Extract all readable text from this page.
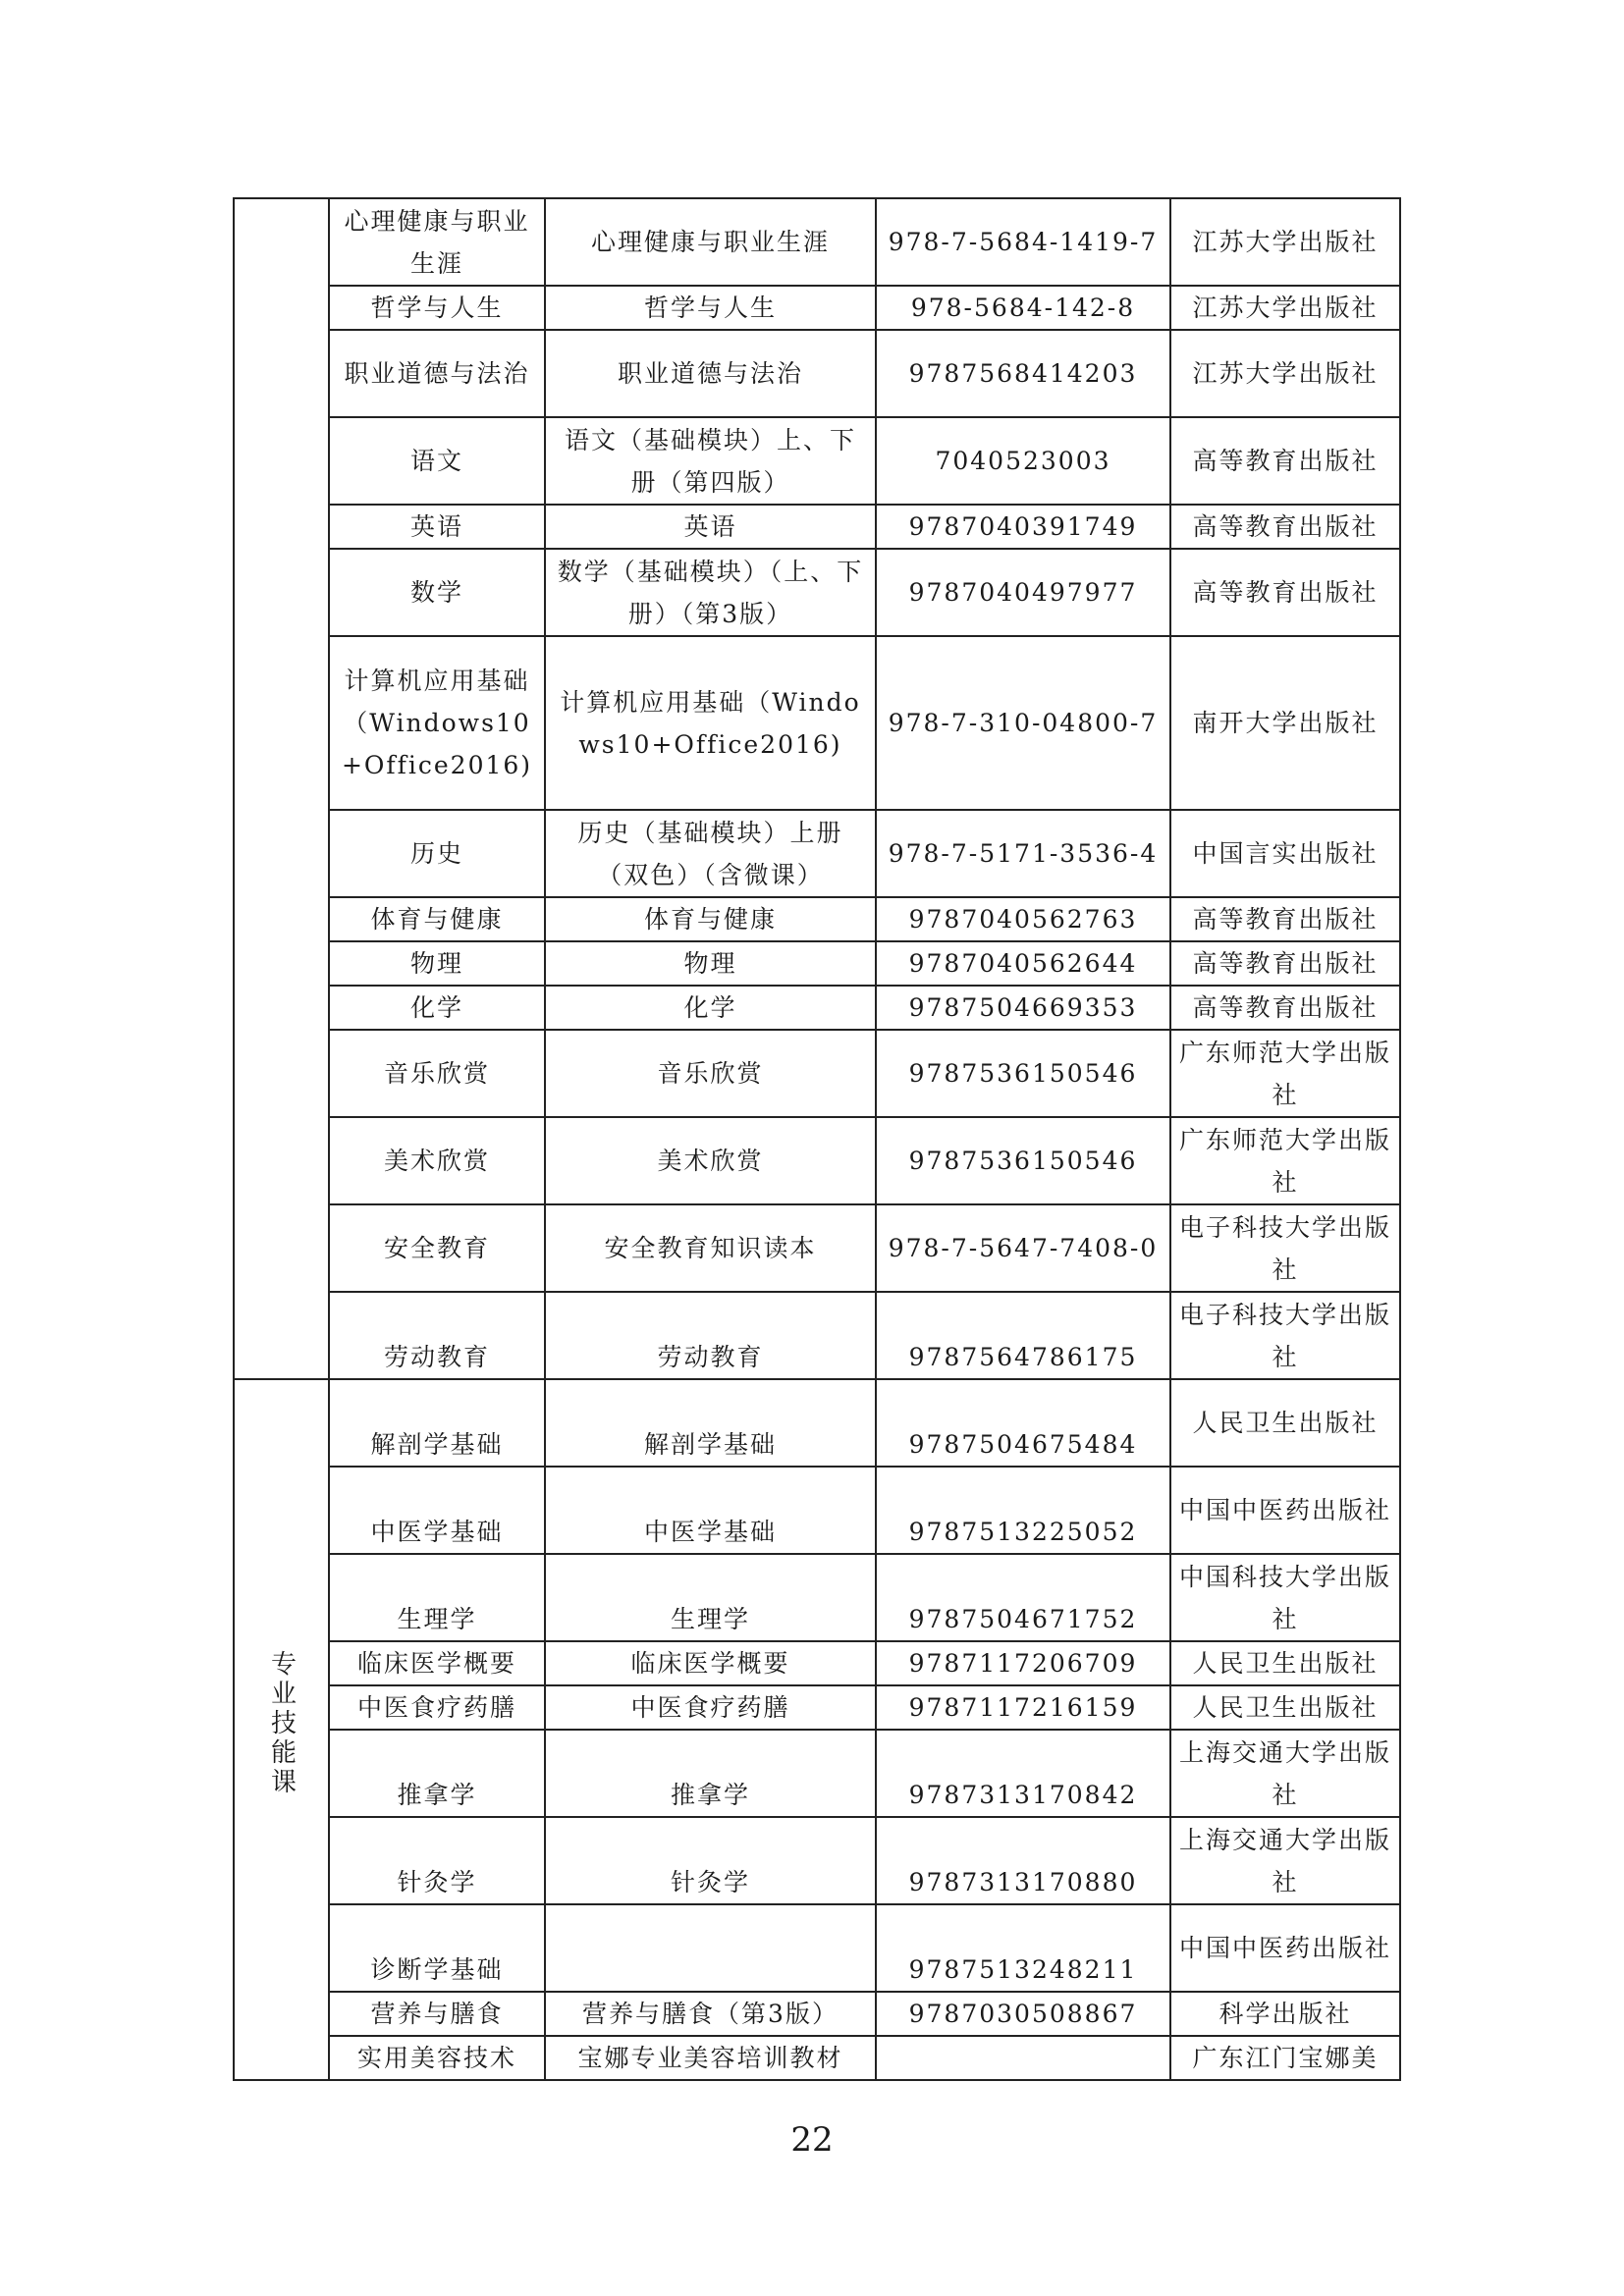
	心理健康与职业生涯	心理健康与职业生涯	978-7-5684-1419-7	江苏大学出版社
	哲学与人生	哲学与人生	978-5684-142-8	江苏大学出版社
	职业道德与法治	职业道德与法治	9787568414203	江苏大学出版社
	语文	语文（基础模块）上、下册（第四版）	7040523003	高等教育出版社
	英语	英语	9787040391749	高等教育出版社
	数学	数学（基础模块）（上、下册）（第3版）	9787040497977	高等教育出版社
	计算机应用基础（Windows10+Office2016)	计算机应用基础（Windows10+Office2016)	978-7-310-04800-7	南开大学出版社
	历史	历史（基础模块）上册（双色）（含微课）	978-7-5171-3536-4	中国言实出版社
	体育与健康	体育与健康	9787040562763	高等教育出版社
	物理	物理	9787040562644	高等教育出版社
	化学	化学	9787504669353	高等教育出版社
	音乐欣赏	音乐欣赏	9787536150546	广东师范大学出版社
	美术欣赏	美术欣赏	9787536150546	广东师范大学出版社
	安全教育	安全教育知识读本	978-7-5647-7408-0	电子科技大学出版社
	劳动教育	劳动教育	9787564786175	电子科技大学出版社
专业技能课	解剖学基础	解剖学基础	9787504675484	人民卫生出版社
	中医学基础	中医学基础	9787513225052	中国中医药出版社
	生理学	生理学	9787504671752	中国科技大学出版社
	临床医学概要	临床医学概要	9787117206709	人民卫生出版社
	中医食疗药膳	中医食疗药膳	9787117216159	人民卫生出版社
	推拿学	推拿学	9787313170842	上海交通大学出版社
	针灸学	针灸学	9787313170880	上海交通大学出版社
	诊断学基础		9787513248211	中国中医药出版社
	营养与膳食	营养与膳食（第3版）	9787030508867	科学出版社
	实用美容技术	宝娜专业美容培训教材		广东江门宝娜美
22
